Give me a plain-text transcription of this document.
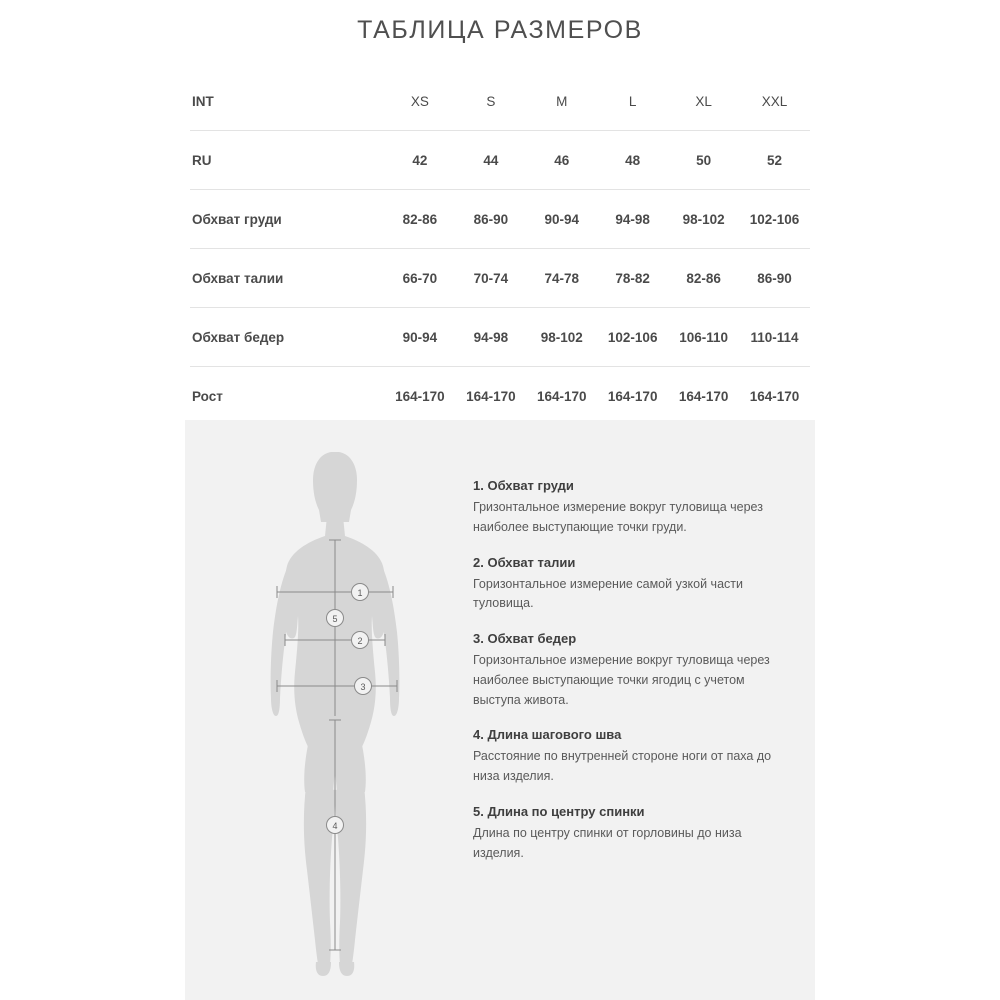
ТАБЛИЦА РАЗМЕРОВ
INT	XS	S	M	L	XL	XXL
RU	42	44	46	48	50	52
Обхват груди	82-86	86-90	90-94	94-98	98-102	102-106
Обхват талии	66-70	70-74	74-78	78-82	82-86	86-90
Обхват бедер	90-94	94-98	98-102	102-106	106-110	110-114
Рост	164-170	164-170	164-170	164-170	164-170	164-170
1
2
3
4
5
1. Обхват груди
Гризонтальное измерение вокруг туловища через наиболее выступающие точки груди.
2. Обхват талии
Горизонтальное измерение самой узкой части туловища.
3. Обхват бедер
Горизонтальное измерение вокруг туловища через наиболее выступающие точки ягодиц с учетом выступа живота.
4. Длина шагового шва
Расстояние по внутренней стороне ноги от паха до низа изделия.
5. Длина по центру спинки
Длина по центру спинки от горловины до низа изделия.
